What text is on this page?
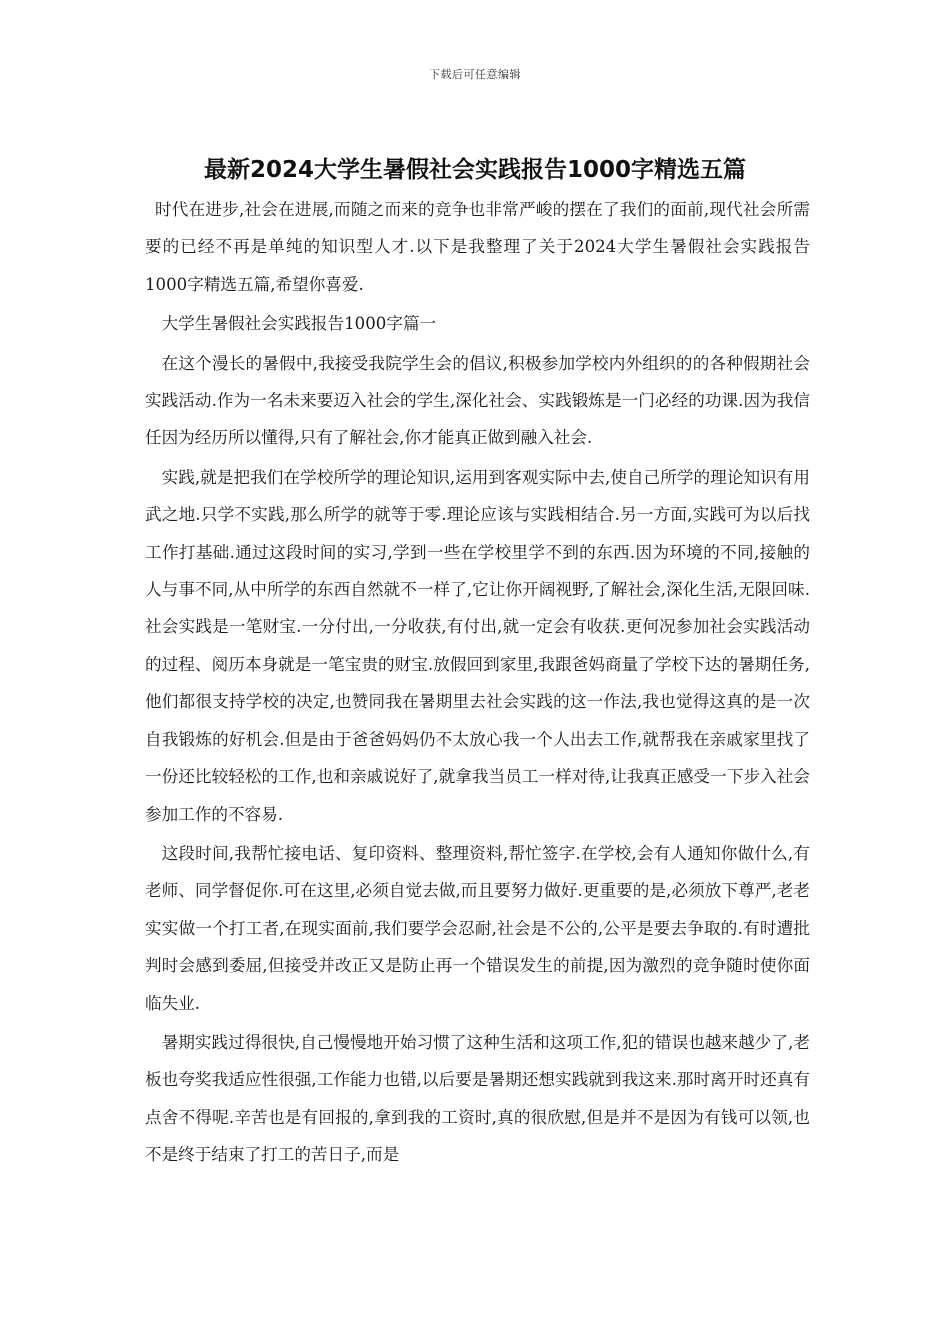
下载后可任意编辑
最新2024大学生暑假社会实践报告1000字精选五篇

时代在进步,社会在进展,而随之而来的竞争也非常严峻的摆在了我们的面前,现代社会所需要的已经不再是单纯的知识型人才.以下是我整理了关于2024大学生暑假社会实践报告1000字精选五篇,希望你喜爱.

大学生暑假社会实践报告1000字篇一

在这个漫长的暑假中,我接受我院学生会的倡议,积极参加学校内外组织的的各种假期社会实践活动.作为一名未来要迈入社会的学生,深化社会、实践锻炼是一门必经的功课.因为我信任因为经历所以懂得,只有了解社会,你才能真正做到融入社会.

实践,就是把我们在学校所学的理论知识,运用到客观实际中去,使自己所学的理论知识有用武之地.只学不实践,那么所学的就等于零.理论应该与实践相结合.另一方面,实践可为以后找工作打基础.通过这段时间的实习,学到一些在学校里学不到的东西.因为环境的不同,接触的人与事不同,从中所学的东西自然就不一样了,它让你开阔视野,了解社会,深化生活,无限回味.社会实践是一笔财宝.一分付出,一分收获,有付出,就一定会有收获.更何况参加社会实践活动的过程、阅历本身就是一笔宝贵的财宝.放假回到家里,我跟爸妈商量了学校下达的暑期任务,他们都很支持学校的决定,也赞同我在暑期里去社会实践的这一作法,我也觉得这真的是一次自我锻炼的好机会.但是由于爸爸妈妈仍不太放心我一个人出去工作,就帮我在亲戚家里找了一份还比较轻松的工作,也和亲戚说好了,就拿我当员工一样对待,让我真正感受一下步入社会参加工作的不容易.

这段时间,我帮忙接电话、复印资料、整理资料,帮忙签字.在学校,会有人通知你做什么,有老师、同学督促你.可在这里,必须自觉去做,而且要努力做好.更重要的是,必须放下尊严,老老实实做一个打工者,在现实面前,我们要学会忍耐,社会是不公的,公平是要去争取的.有时遭批判时会感到委屈,但接受并改正又是防止再一个错误发生的前提,因为激烈的竞争随时使你面临失业.

暑期实践过得很快,自己慢慢地开始习惯了这种生活和这项工作,犯的错误也越来越少了,老板也夸奖我适应性很强,工作能力也错,以后要是暑期还想实践就到我这来.那时离开时还真有点舍不得呢.辛苦也是有回报的,拿到我的工资时,真的很欣慰,但是并不是因为有钱可以领,也不是终于结束了打工的苦日子,而是
